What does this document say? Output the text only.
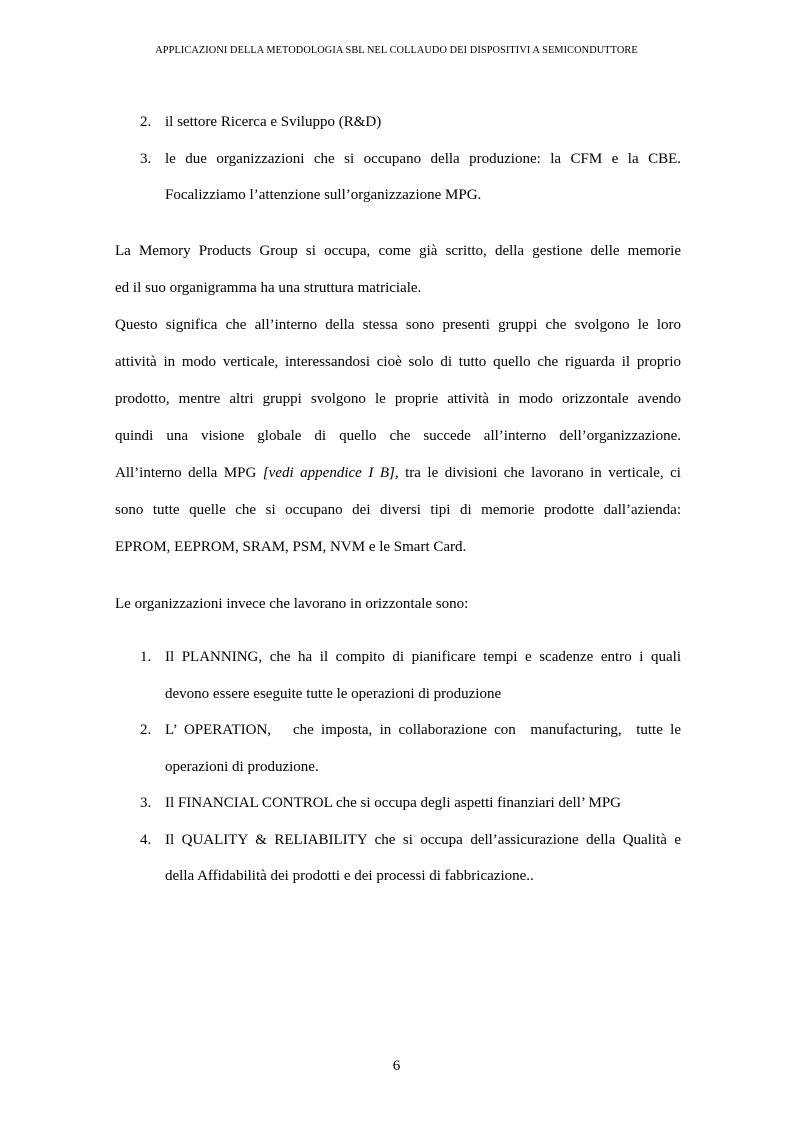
APPLICAZIONI DELLA METODOLOGIA SBL NEL COLLAUDO DEI DISPOSITIVI A SEMICONDUTTORE
2. il settore Ricerca e Sviluppo (R&D)
3. le due organizzazioni che si occupano della produzione: la CFM e la CBE.
Focalizziamo l’attenzione sull’organizzazione MPG.
La Memory Products Group si occupa, come già scritto, della gestione delle memorie
ed il suo organigramma ha una struttura matriciale.
Questo significa che all’interno della stessa sono presenti gruppi che svolgono le loro
attività in modo verticale, interessandosi cioè solo di tutto quello che riguarda il proprio
prodotto, mentre altri gruppi svolgono le proprie attività in modo orizzontale avendo
quindi una visione globale di quello che succede all’interno dell’organizzazione.
All’interno della MPG [vedi appendice I B], tra le divisioni che lavorano in verticale, ci
sono tutte quelle che si occupano dei diversi tipi di memorie prodotte dall’azienda:
EPROM, EEPROM, SRAM, PSM, NVM e le Smart Card.
Le organizzazioni invece che lavorano in orizzontale sono:
1. Il PLANNING, che ha il compito di pianificare tempi e scadenze entro i quali
devono essere eseguite tutte le operazioni di produzione
2. L’ OPERATION,   che imposta, in collaborazione con  manufacturing,  tutte le
operazioni di produzione.
3. Il FINANCIAL CONTROL che si occupa degli aspetti finanziari dell’ MPG
4. Il QUALITY & RELIABILITY che si occupa dell’assicurazione della Qualità e
della Affidabilità dei prodotti e dei processi di fabbricazione..
6
